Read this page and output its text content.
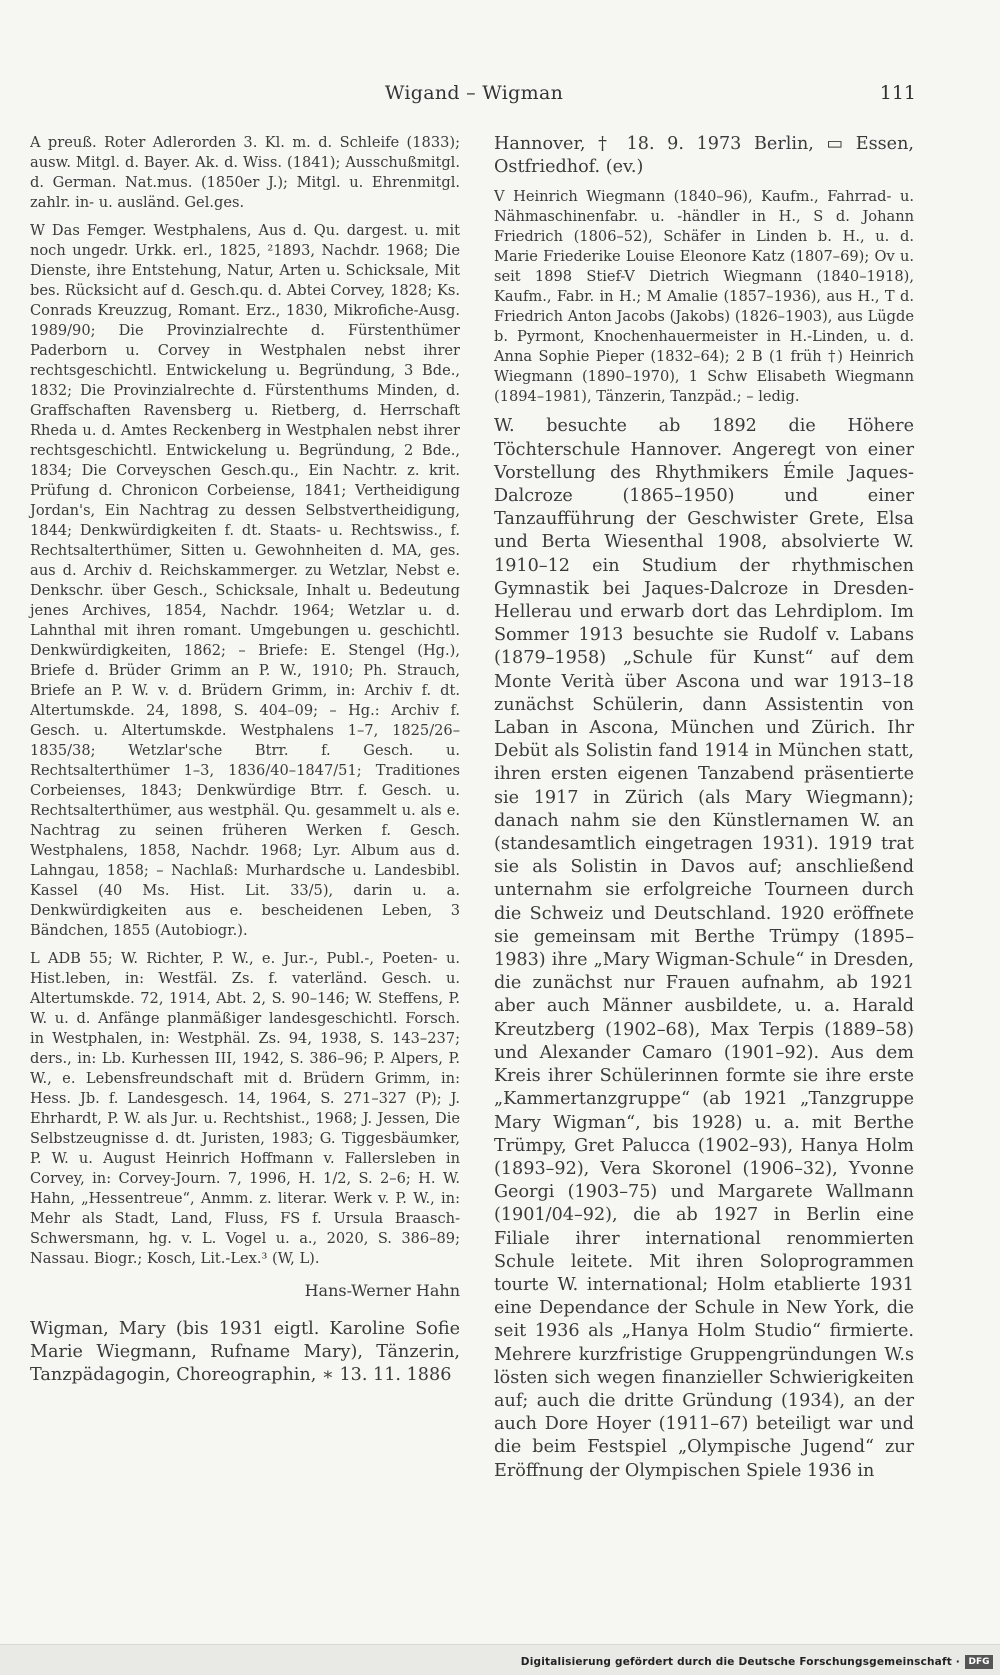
Wigand – Wigman	111

A preuß. Roter Adlerorden 3. Kl. m. d. Schleife (1833); ausw. Mitgl. d. Bayer. Ak. d. Wiss. (1841); Ausschußmitgl. d. German. Nat.mus. (1850er J.); Mitgl. u. Ehrenmitgl. zahlr. in- u. ausländ. Gel.ges.

W Das Femger. Westphalens, Aus d. Qu. dargest. u. mit noch ungedr. Urkk. erl., 1825, ²1893, Nachdr. 1968; Die Dienste, ihre Entstehung, Natur, Arten u. Schicksale, Mit bes. Rücksicht auf d. Gesch.qu. d. Abtei Corvey, 1828; Ks. Conrads Kreuzzug, Romant. Erz., 1830, Mikrofiche-Ausg. 1989/90; Die Provinzialrechte d. Fürstenthümer Paderborn u. Corvey in Westphalen nebst ihrer rechtsgeschichtl. Entwickelung u. Begründung, 3 Bde., 1832; Die Provinzialrechte d. Fürstenthums Minden, d. Graffschaften Ravensberg u. Rietberg, d. Herrschaft Rheda u. d. Amtes Reckenberg in Westphalen nebst ihrer rechtsgeschichtl. Entwickelung u. Begründung, 2 Bde., 1834; Die Corveyschen Gesch.qu., Ein Nachtr. z. krit. Prüfung d. Chronicon Corbeiense, 1841; Vertheidigung Jordan's, Ein Nachtrag zu dessen Selbstvertheidigung, 1844; Denkwürdigkeiten f. dt. Staats- u. Rechtswiss., f. Rechtsalterthümer, Sitten u. Gewohnheiten d. MA, ges. aus d. Archiv d. Reichskammerger. zu Wetzlar, Nebst e. Denkschr. über Gesch., Schicksale, Inhalt u. Bedeutung jenes Archives, 1854, Nachdr. 1964; Wetzlar u. d. Lahnthal mit ihren romant. Umgebungen u. geschichtl. Denkwürdigkeiten, 1862; – Briefe: E. Stengel (Hg.), Briefe d. Brüder Grimm an P. W., 1910; Ph. Strauch, Briefe an P. W. v. d. Brüdern Grimm, in: Archiv f. dt. Altertumskde. 24, 1898, S. 404–09; – Hg.: Archiv f. Gesch. u. Altertumskde. Westphalens 1–7, 1825/26–1835/38; Wetzlar'sche Btrr. f. Gesch. u. Rechtsalterthümer 1–3, 1836/40–1847/51; Traditiones Corbeienses, 1843; Denkwürdige Btrr. f. Gesch. u. Rechtsalterthümer, aus westphäl. Qu. gesammelt u. als e. Nachtrag zu seinen früheren Werken f. Gesch. Westphalens, 1858, Nachdr. 1968; Lyr. Album aus d. Lahngau, 1858; – Nachlaß: Murhardsche u. Landesbibl. Kassel (40 Ms. Hist. Lit. 33/5), darin u. a. Denkwürdigkeiten aus e. bescheidenen Leben, 3 Bändchen, 1855 (Autobiogr.).

L ADB 55; W. Richter, P. W., e. Jur.-, Publ.-, Poeten- u. Hist.leben, in: Westfäl. Zs. f. vaterländ. Gesch. u. Altertumskde. 72, 1914, Abt. 2, S. 90–146; W. Steffens, P. W. u. d. Anfänge planmäßiger landesgeschichtl. Forsch. in Westphalen, in: Westphäl. Zs. 94, 1938, S. 143–237; ders., in: Lb. Kurhessen III, 1942, S. 386–96; P. Alpers, P. W., e. Lebensfreundschaft mit d. Brüdern Grimm, in: Hess. Jb. f. Landesgesch. 14, 1964, S. 271–327 (P); J. Ehrhardt, P. W. als Jur. u. Rechtshist., 1968; J. Jessen, Die Selbstzeugnisse d. dt. Juristen, 1983; G. Tiggesbäumker, P. W. u. August Heinrich Hoffmann v. Fallersleben in Corvey, in: Corvey-Journ. 7, 1996, H. 1/2, S. 2–6; H. W. Hahn, „Hessentreue“, Anmm. z. literar. Werk v. P. W., in: Mehr als Stadt, Land, Fluss, FS f. Ursula Braasch-Schwersmann, hg. v. L. Vogel u. a., 2020, S. 386–89; Nassau. Biogr.; Kosch, Lit.-Lex.³ (W, L).

Hans-Werner Hahn

Wigman, Mary (bis 1931 eigtl. Karoline Sofie Marie Wiegmann, Rufname Mary), Tänzerin, Tanzpädagogin, Choreographin, ∗ 13. 11. 1886

Hannover, † 18. 9. 1973 Berlin, ▭ Essen, Ostfriedhof. (ev.)

V Heinrich Wiegmann (1840–96), Kaufm., Fahrrad- u. Nähmaschinenfabr. u. -händler in H., S d. Johann Friedrich (1806–52), Schäfer in Linden b. H., u. d. Marie Friederike Louise Eleonore Katz (1807–69); Ov u. seit 1898 Stief-V Dietrich Wiegmann (1840–1918), Kaufm., Fabr. in H.; M Amalie (1857–1936), aus H., T d. Friedrich Anton Jacobs (Jakobs) (1826–1903), aus Lügde b. Pyrmont, Knochenhauermeister in H.-Linden, u. d. Anna Sophie Pieper (1832–64); 2 B (1 früh †) Heinrich Wiegmann (1890–1970), 1 Schw Elisabeth Wiegmann (1894–1981), Tänzerin, Tanzpäd.; – ledig.

W. besuchte ab 1892 die Höhere Töchterschule Hannover. Angeregt von einer Vorstellung des Rhythmikers Émile Jaques-Dalcroze (1865–1950) und einer Tanzaufführung der Geschwister Grete, Elsa und Berta Wiesenthal 1908, absolvierte W. 1910–12 ein Studium der rhythmischen Gymnastik bei Jaques-Dalcroze in Dresden-Hellerau und erwarb dort das Lehrdiplom. Im Sommer 1913 besuchte sie Rudolf v. Labans (1879–1958) „Schule für Kunst“ auf dem Monte Verità über Ascona und war 1913–18 zunächst Schülerin, dann Assistentin von Laban in Ascona, München und Zürich. Ihr Debüt als Solistin fand 1914 in München statt, ihren ersten eigenen Tanzabend präsentierte sie 1917 in Zürich (als Mary Wiegmann); danach nahm sie den Künstlernamen W. an (standesamtlich eingetragen 1931). 1919 trat sie als Solistin in Davos auf; anschließend unternahm sie erfolgreiche Tourneen durch die Schweiz und Deutschland. 1920 eröffnete sie gemeinsam mit Berthe Trümpy (1895–1983) ihre „Mary Wigman-Schule“ in Dresden, die zunächst nur Frauen aufnahm, ab 1921 aber auch Männer ausbildete, u. a. Harald Kreutzberg (1902–68), Max Terpis (1889–58) und Alexander Camaro (1901–92). Aus dem Kreis ihrer Schülerinnen formte sie ihre erste „Kammertanzgruppe“ (ab 1921 „Tanzgruppe Mary Wigman“, bis 1928) u. a. mit Berthe Trümpy, Gret Palucca (1902–93), Hanya Holm (1893–92), Vera Skoronel (1906–32), Yvonne Georgi (1903–75) und Margarete Wallmann (1901/04–92), die ab 1927 in Berlin eine Filiale ihrer international renommierten Schule leitete. Mit ihren Soloprogrammen tourte W. international; Holm etablierte 1931 eine Dependance der Schule in New York, die seit 1936 als „Hanya Holm Studio“ firmierte. Mehrere kurzfristige Gruppengründungen W.s lösten sich wegen finanzieller Schwierigkeiten auf; auch die dritte Gründung (1934), an der auch Dore Hoyer (1911–67) beteiligt war und die beim Festspiel „Olympische Jugend“ zur Eröffnung der Olympischen Spiele 1936 in

Digitalisierung gefördert durch die Deutsche Forschungsgemeinschaft · DFG
